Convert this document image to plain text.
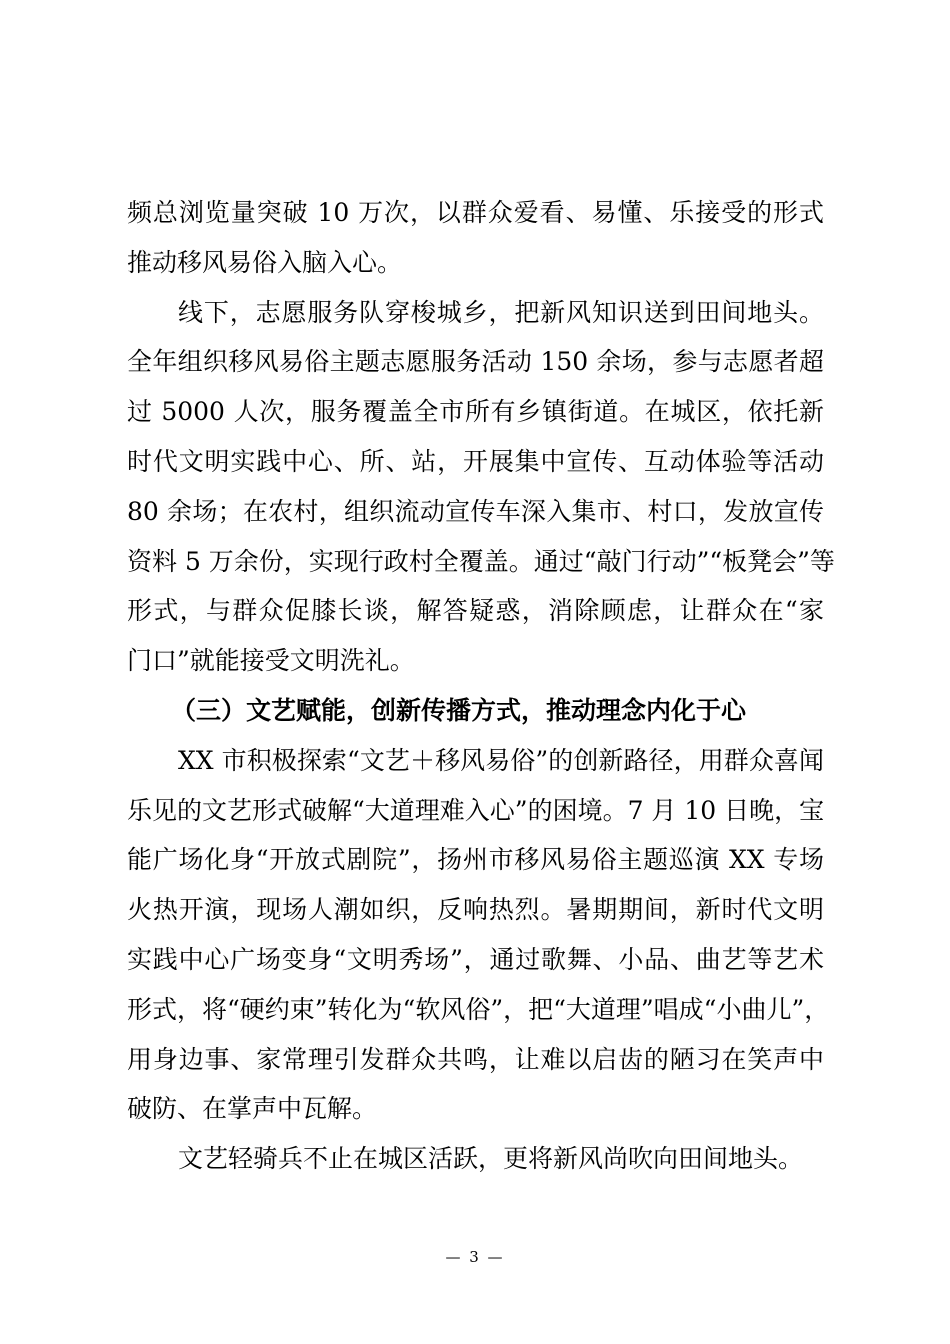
频总浏览量突破 10 万次，以群众爱看、易懂、乐接受的形式
推动移风易俗入脑入心。
线下，志愿服务队穿梭城乡，把新风知识送到田间地头。
全年组织移风易俗主题志愿服务活动 150 余场，参与志愿者超
过 5000 人次，服务覆盖全市所有乡镇街道。在城区，依托新
时代文明实践中心、所、站，开展集中宣传、互动体验等活动
80 余场；在农村，组织流动宣传车深入集市、村口，发放宣传
资料 5 万余份，实现行政村全覆盖。通过“敲门行动”“板凳会”等
形式，与群众促膝长谈，解答疑惑，消除顾虑，让群众在“家
门口”就能接受文明洗礼。
（三）文艺赋能，创新传播方式，推动理念内化于心
XX 市积极探索“文艺＋移风易俗”的创新路径，用群众喜闻
乐见的文艺形式破解“大道理难入心”的困境。7 月 10 日晚，宝
能广场化身“开放式剧院”，扬州市移风易俗主题巡演 XX 专场
火热开演，现场人潮如织，反响热烈。暑期期间，新时代文明
实践中心广场变身“文明秀场”，通过歌舞、小品、曲艺等艺术
形式，将“硬约束”转化为“软风俗”，把“大道理”唱成“小曲儿”，
用身边事、家常理引发群众共鸣，让难以启齿的陋习在笑声中
破防、在掌声中瓦解。
文艺轻骑兵不止在城区活跃，更将新风尚吹向田间地头。
— 3 —
